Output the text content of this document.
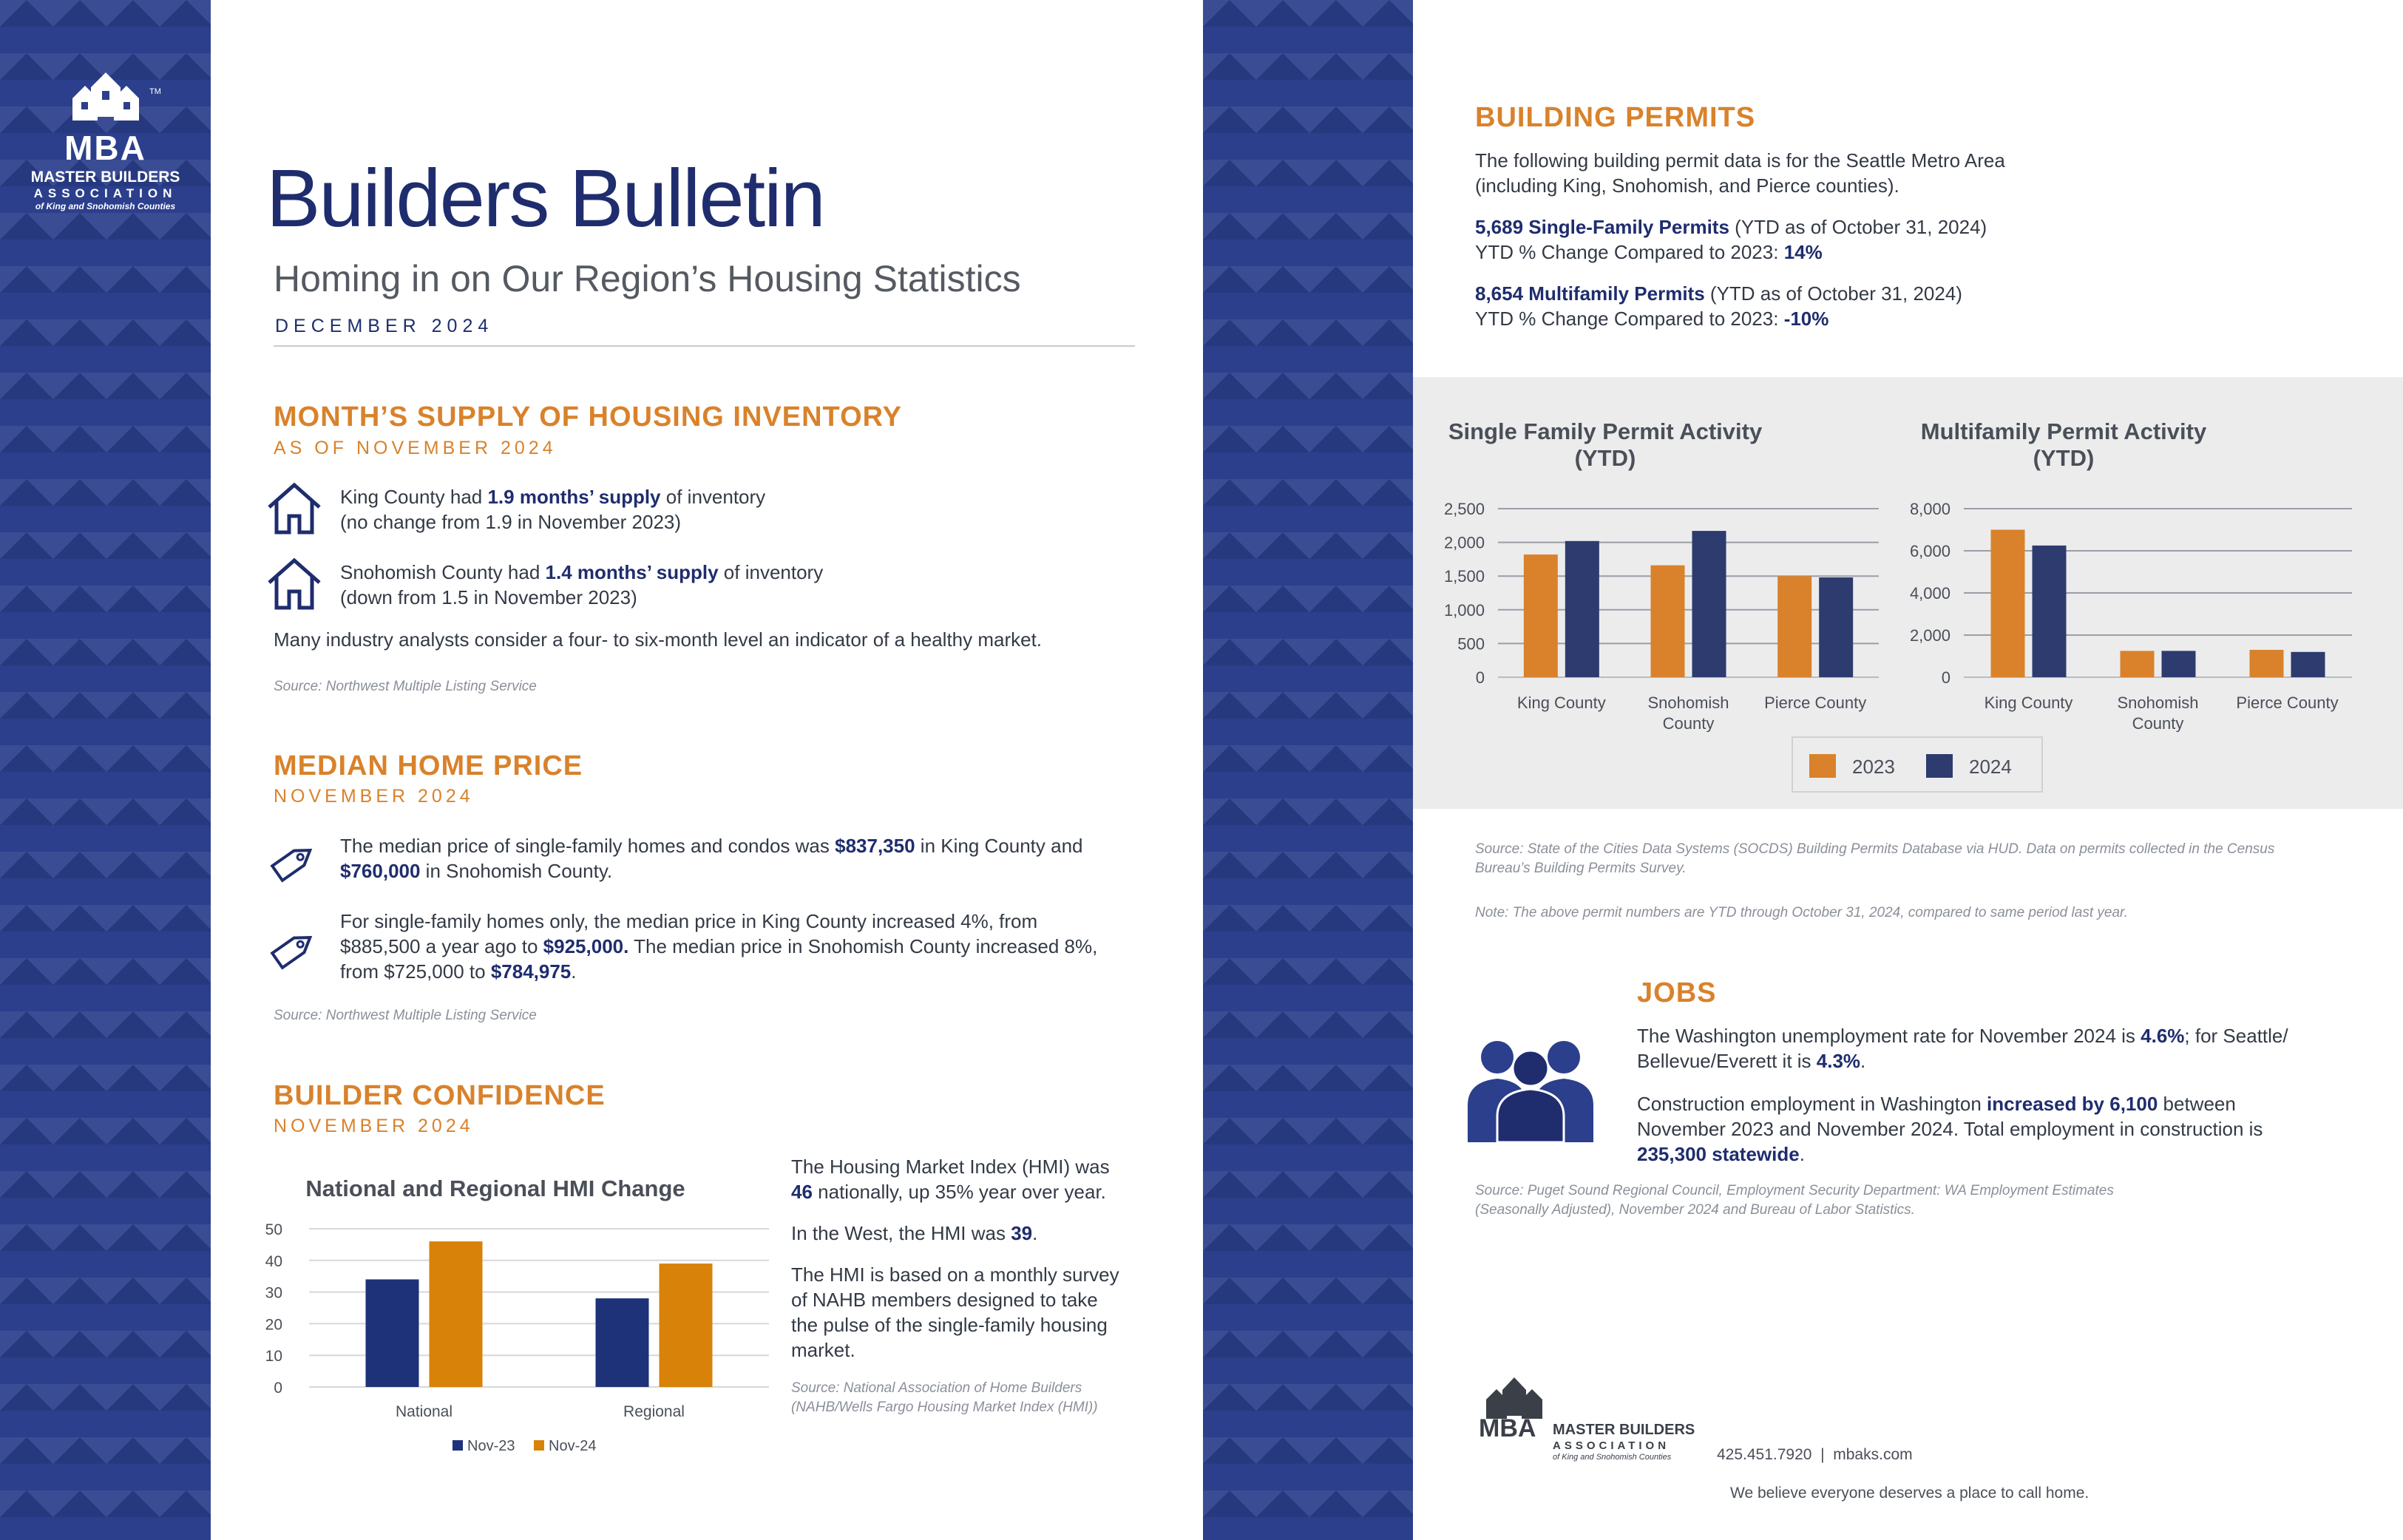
MBA
MASTER BUILDERS
ASSOCIATION
of King and Snohomish Counties
TM
Builders Bulletin
Homing in on Our Region’s Housing Statistics
DECEMBER 2024
MONTH’S SUPPLY OF HOUSING INVENTORY
AS OF NOVEMBER 2024
King County had 1.9 months’ supply of inventory
(no change from 1.9 in November 2023)
Snohomish County had 1.4 months’ supply of inventory
(down from 1.5 in November 2023)
Many industry analysts consider a four- to six-month level an indicator of a healthy market.
Source: Northwest Multiple Listing Service
MEDIAN HOME PRICE
NOVEMBER 2024
The median price of single-family homes and condos was $837,350 in King County and
$760,000 in Snohomish County.
For single-family homes only, the median price in King County increased 4%, from
$885,500 a year ago to $925,000. The median price in Snohomish County increased 8%,
from $725,000 to $784,975.
Source: Northwest Multiple Listing Service
BUILDER CONFIDENCE
NOVEMBER 2024
National and Regional HMI Change
0
10
20
30
40
50
National	Regional
Nov-23 Nov-24
The Housing Market Index (HMI) was
46 nationally, up 35% year over year.
In the West, the HMI was 39.
The HMI is based on a monthly survey
of NAHB members designed to take
the pulse of the single-family housing
market.
Source: National Association of Home Builders
(NAHB/Wells Fargo Housing Market Index (HMI))
BUILDING PERMITS
The following building permit data is for the Seattle Metro Area
(including King, Snohomish, and Pierce counties).
5,689 Single-Family Permits (YTD as of October 31, 2024)
YTD % Change Compared to 2023: 14%
8,654 Multifamily Permits (YTD as of October 31, 2024)
YTD % Change Compared to 2023: -10%
Single Family Permit Activity
(YTD)
Multifamily Permit Activity
(YTD)
0
500
1,000
1,500
2,000
2,500
King County	Snohomish
County
Pierce County
0
2,000
4,000
6,000
8,000
King County	Snohomish
County
Pierce County
2023	2024
Source: State of the Cities Data Systems (SOCDS) Building Permits Database via HUD. Data on permits collected in the Census
Bureau’s Building Permits Survey.
Note: The above permit numbers are YTD through October 31, 2024, compared to same period last year.
JOBS
The Washington unemployment rate for November 2024 is 4.6%; for Seattle/
Bellevue/Everett it is 4.3%.
Construction employment in Washington increased by 6,100 between
November 2023 and November 2024. Total employment in construction is
235,300 statewide.
Source: Puget Sound Regional Council, Employment Security Department: WA Employment Estimates
(Seasonally Adjusted), November 2024 and Bureau of Labor Statistics.
MBA MASTER BUILDERS
ASSOCIATION
of King and Snohomish Counties	425.451.7920  |  mbaks.com
We believe everyone deserves a place to call home.
